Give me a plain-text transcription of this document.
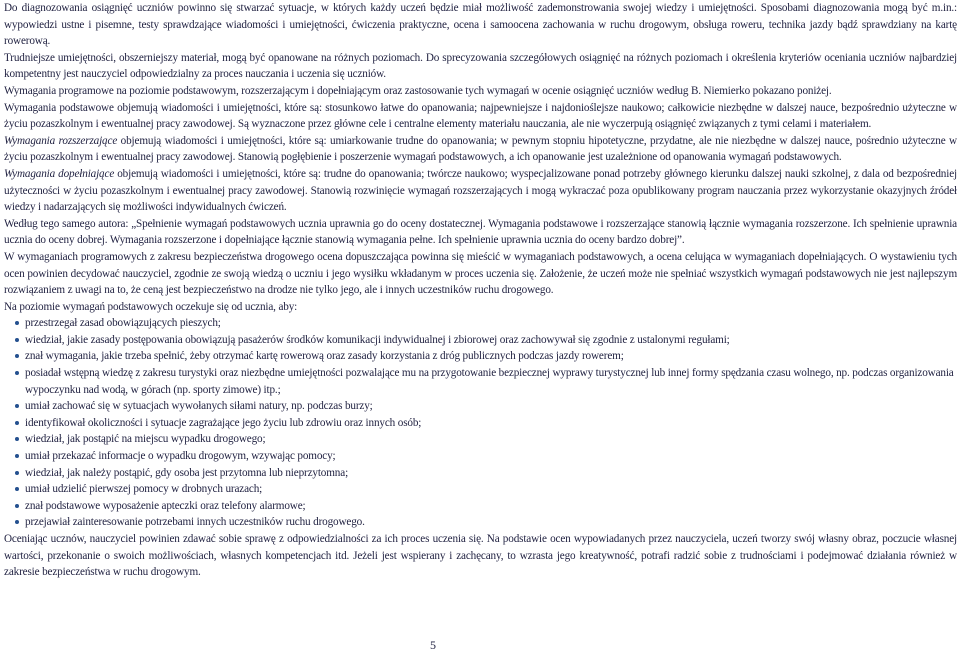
Do diagnozowania osiągnięć uczniów powinno się stwarzać sytuacje, w których każdy uczeń będzie miał możliwość zademonstrowania swojej wiedzy i umiejętności. Sposobami diagnozowania mogą być m.in.: wypowiedzi ustne i pisemne, testy sprawdzające wiadomości i umiejętności, ćwiczenia praktyczne, ocena i samoocena zachowania w ruchu drogowym, obsługa roweru, technika jazdy bądź sprawdziany na kartę rowerową.

Trudniejsze umiejętności, obszerniejszy materiał, mogą być opanowane na różnych poziomach. Do sprecyzowania szczegółowych osiągnięć na różnych poziomach i określenia kryteriów oceniania uczniów najbardziej kompetentny jest nauczyciel odpowiedzialny za proces nauczania i uczenia się uczniów.

Wymagania programowe na poziomie podstawowym, rozszerzającym i dopełniającym oraz zastosowanie tych wymagań w ocenie osiągnięć uczniów według B. Niemierko pokazano poniżej.

Wymagania podstawowe objemują wiadomości i umiejętności, które są: stosunkowo łatwe do opanowania; najpewniejsze i najdonioślejsze naukowo; całkowicie niezbędne w dalszej nauce, bezpośrednio użyteczne w życiu pozaszkolnym i ewentualnej pracy zawodowej. Są wyznaczone przez główne cele i centralne elementy materiału nauczania, ale nie wyczerpują osiągnięć związanych z tymi celami i materiałem.

Wymagania rozszerzające objemują wiadomości i umiejętności, które są: umiarkowanie trudne do opanowania; w pewnym stopniu hipotetyczne, przydatne, ale nie niezbędne w dalszej nauce, pośrednio użyteczne w życiu pozaszkolnym i ewentualnej pracy zawodowej. Stanowią pogłębienie i poszerzenie wymagań podstawowych, a ich opanowanie jest uzależnione od opanowania wymagań podstawowych.

Wymagania dopełniające objemują wiadomości i umiejętności, które są: trudne do opanowania; twórcze naukowo; wyspecjalizowane ponad potrzeby głównego kierunku dalszej nauki szkolnej, z dala od bezpośredniej użyteczności w życiu pozaszkolnym i ewentualnej pracy zawodowej. Stanowią rozwinięcie wymagań rozszerzających i mogą wykraczać poza opublikowany program nauczania przez wykorzystanie okazyjnych źródeł wiedzy i nadarzających się możliwości indywidualnych ćwiczeń.

Według tego samego autora: „Spełnienie wymagań podstawowych ucznia uprawnia go do oceny dostatecznej. Wymagania podstawowe i rozszerzające stanowią łącznie wymagania rozszerzone. Ich spełnienie uprawnia ucznia do oceny dobrej. Wymagania rozszerzone i dopełniające łącznie stanowią wymagania pełne. Ich spełnienie uprawnia ucznia do oceny bardzo dobrej”.

W wymaganiach programowych z zakresu bezpieczeństwa drogowego ocena dopuszczająca powinna się mieścić w wymaganiach podstawowych, a ocena celująca w wymaganiach dopełniających. O wystawieniu tych ocen powinien decydować nauczyciel, zgodnie ze swoją wiedzą o uczniu i jego wysiłku wkładanym w proces uczenia się. Założenie, że uczeń może nie spełniać wszystkich wymagań podstawowych nie jest najlepszym rozwiązaniem z uwagi na to, że ceną jest bezpieczeństwo na drodze nie tylko jego, ale i innych uczestników ruchu drogowego.

Na poziomie wymagań podstawowych oczekuje się od ucznia, aby:

przestrzegał zasad obowiązujących pieszych;
wiedział, jakie zasady postępowania obowiązują pasażerów środków komunikacji indywidualnej i zbiorowej oraz zachowywał się zgodnie z ustalonymi regułami;
znał wymagania, jakie trzeba spełnić, żeby otrzymać kartę rowerową oraz zasady korzystania z dróg publicznych podczas jazdy rowerem;
posiadał wstępną wiedzę z zakresu turystyki oraz niezbędne umiejętności pozwalające mu na przygotowanie bezpiecznej wyprawy turystycznej lub innej formy spędzania czasu wolnego, np. podczas organizowania wypoczynku nad wodą, w górach (np. sporty zimowe) itp.;
umiał zachować się w sytuacjach wywołanych siłami natury, np. podczas burzy;
identyfikował okoliczności i sytuacje zagrażające jego życiu lub zdrowiu oraz innych osób;
wiedział, jak postąpić na miejscu wypadku drogowego;
umiał przekazać informacje o wypadku drogowym, wzywając pomocy;
wiedział, jak należy postąpić, gdy osoba jest przytomna lub nieprzytomna;
umiał udzielić pierwszej pomocy w drobnych urazach;
znał podstawowe wyposażenie apteczki oraz telefony alarmowe;
przejawiał zainteresowanie potrzebami innych uczestników ruchu drogowego.

Oceniając ucznów, nauczyciel powinien zdawać sobie sprawę z odpowiedzialności za ich proces uczenia się. Na podstawie ocen wypowiadanych przez nauczyciela, uczeń tworzy swój własny obraz, poczucie własnej wartości, przekonanie o swoich możliwościach, własnych kompetencjach itd. Jeżeli jest wspierany i zachęcany, to wzrasta jego kreatywność, potrafi radzić sobie z trudnościami i podejmować działania również w zakresie bezpieczeństwa w ruchu drogowym.

5
